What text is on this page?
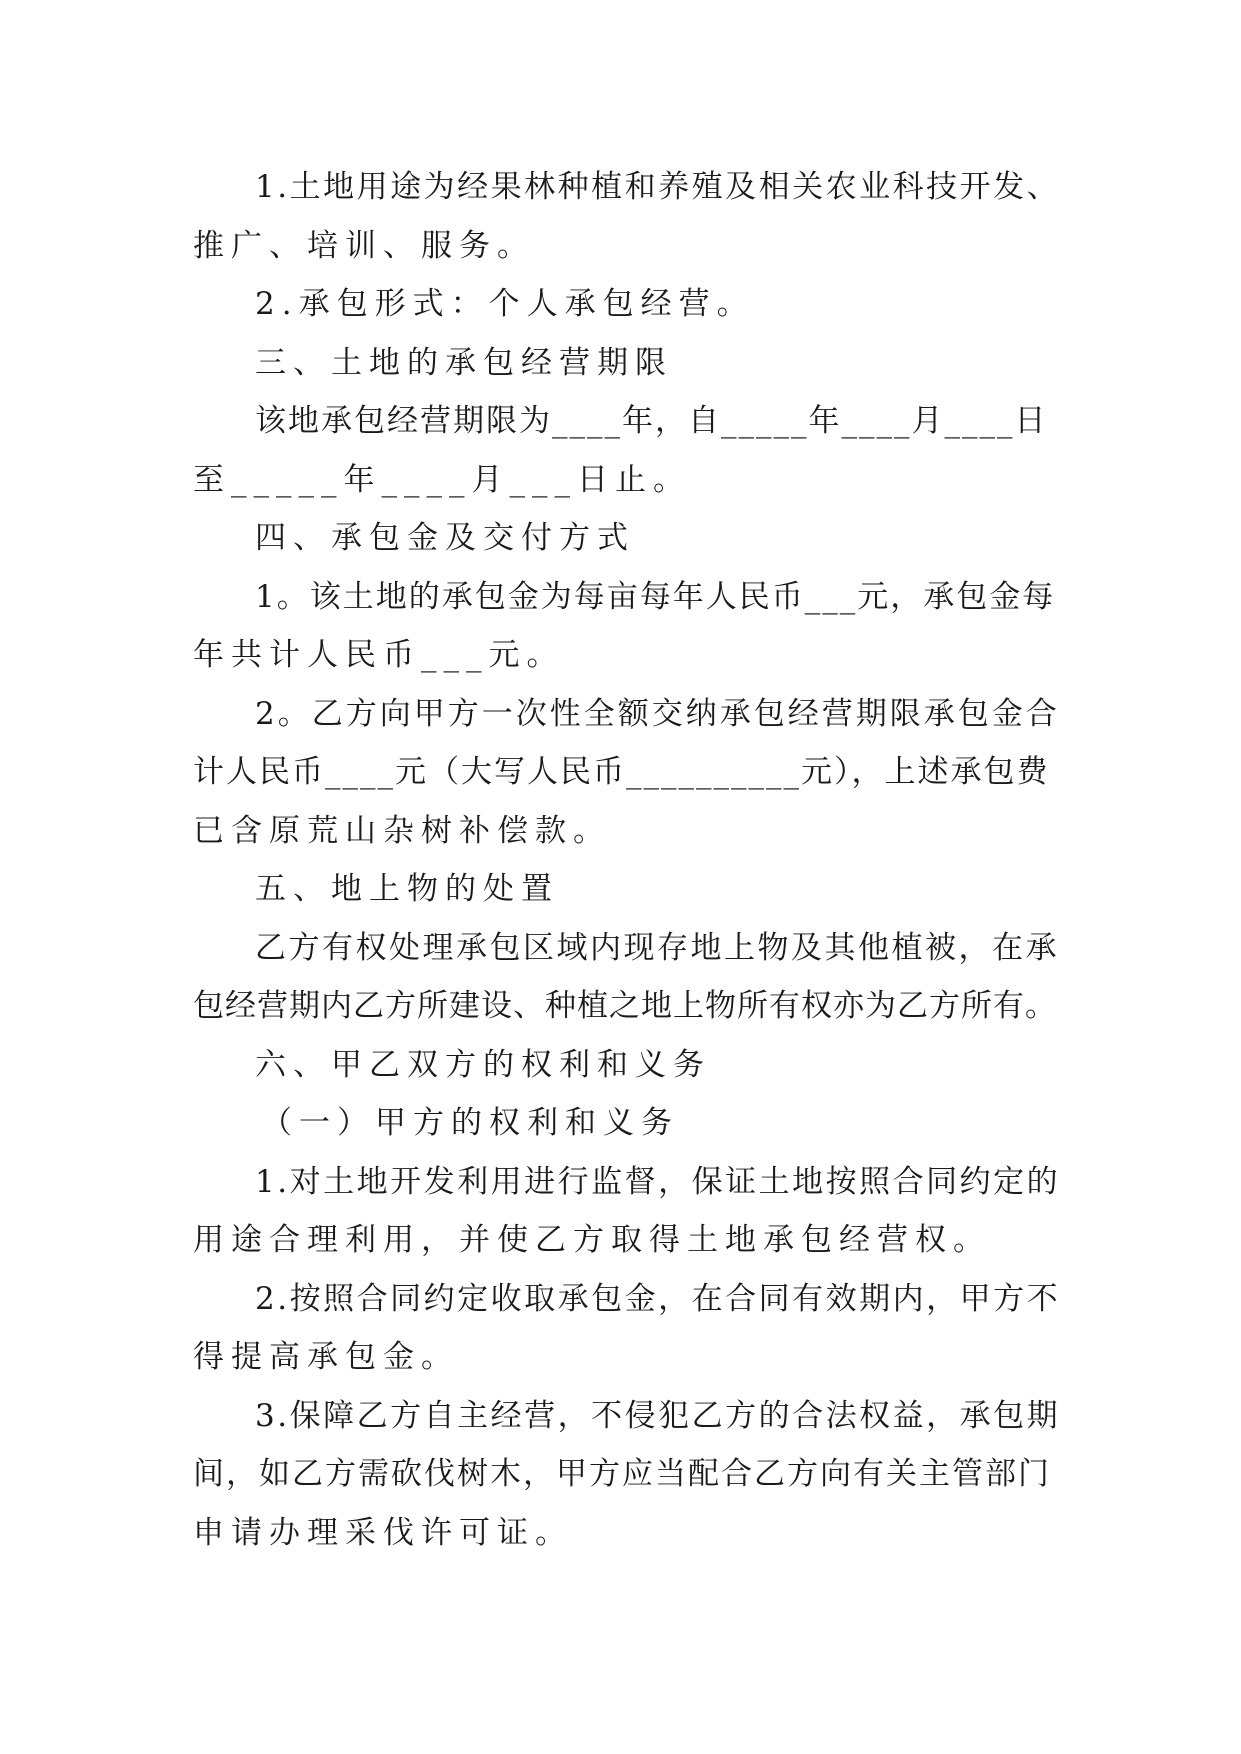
1.土地用途为经果林种植和养殖及相关农业科技开发、
推广、培训、服务。
2.承包形式：个人承包经营。
三、土地的承包经营期限
该地承包经营期限为____年，自_____年____月____日
至_____年____月___日止。
四、承包金及交付方式
1。该土地的承包金为每亩每年人民币___元，承包金每
年共计人民币___元。
2。乙方向甲方一次性全额交纳承包经营期限承包金合
计人民币____元（大写人民币__________元），上述承包费
已含原荒山杂树补偿款。
五、地上物的处置
乙方有权处理承包区域内现存地上物及其他植被，在承
包经营期内乙方所建设、种植之地上物所有权亦为乙方所有。
六、甲乙双方的权利和义务
（一）甲方的权利和义务
1.对土地开发利用进行监督，保证土地按照合同约定的
用途合理利用，并使乙方取得土地承包经营权。
2.按照合同约定收取承包金，在合同有效期内，甲方不
得提高承包金。
3.保障乙方自主经营，不侵犯乙方的合法权益，承包期
间，如乙方需砍伐树木，甲方应当配合乙方向有关主管部门
申请办理采伐许可证。
